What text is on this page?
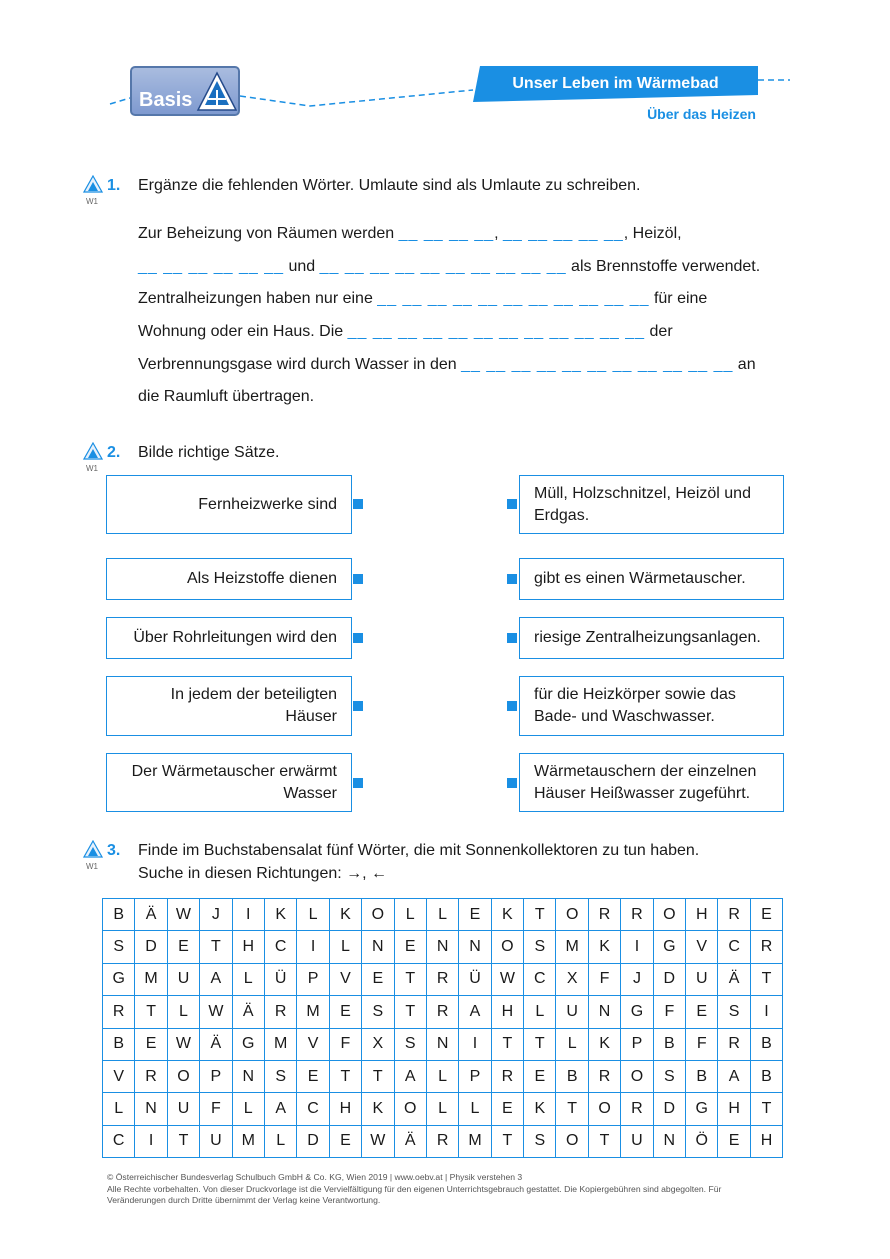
Basis
Unser Leben im Wärmebad
Über das Heizen
W1
1. Ergänze die fehlenden Wörter. Umlaute sind als Umlaute zu schreiben.
Zur Beheizung von Räumen werden __ __ __ __, __ __ __ __ __, Heizöl,
__ __ __ __ __ __ und __ __ __ __ __ __ __ __ __ __ als Brennstoffe verwendet.
Zentralheizungen haben nur eine __ __ __ __ __ __ __ __ __ __ __ für eine
Wohnung oder ein Haus. Die __ __ __ __ __ __ __ __ __ __ __ __ der
Verbrennungsgase wird durch Wasser in den __ __ __ __ __ __ __ __ __ __ __ an
die Raumluft übertragen.
W1
2. Bilde richtige Sätze.
Fernheizwerke sind
Als Heizstoffe dienen
Über Rohrleitungen wird den
In jedem der beteiligten Häuser
Der Wärmetauscher erwärmt Wasser
Müll, Holzschnitzel, Heizöl und Erdgas.
gibt es einen Wärmetauscher.
riesige Zentralheizungsanlagen.
für die Heizkörper sowie das Bade- und Waschwasser.
Wärmetauschern der einzelnen Häuser Heißwasser zugeführt.
W1
3. Finde im Buchstabensalat fünf Wörter, die mit Sonnenkollektoren zu tun haben.
Suche in diesen Richtungen: →, ←
B	Ä	W	J	I	K	L	K	O	L	L	E	K	T	O	R	R	O	H	R	E
S	D	E	T	H	C	I	L	N	E	N	N	O	S	M	K	I	G	V	C	R
G	M	U	A	L	Ü	P	V	E	T	R	Ü	W	C	X	F	J	D	U	Ä	T
R	T	L	W	Ä	R	M	E	S	T	R	A	H	L	U	N	G	F	E	S	I
B	E	W	Ä	G	M	V	F	X	S	N	I	T	T	L	K	P	B	F	R	B
V	R	O	P	N	S	E	T	T	A	L	P	R	E	B	R	O	S	B	A	B
L	N	U	F	L	A	C	H	K	O	L	L	E	K	T	O	R	D	G	H	T
C	I	T	U	M	L	D	E	W	Ä	R	M	T	S	O	T	U	N	Ö	E	H
© Österreichischer Bundesverlag Schulbuch GmbH & Co. KG, Wien 2019 | www.oebv.at | Physik verstehen 3
Alle Rechte vorbehalten. Von dieser Druckvorlage ist die Vervielfältigung für den eigenen Unterrichtsgebrauch gestattet. Die Kopiergebühren sind abgegolten. Für
Veränderungen durch Dritte übernimmt der Verlag keine Verantwortung.
